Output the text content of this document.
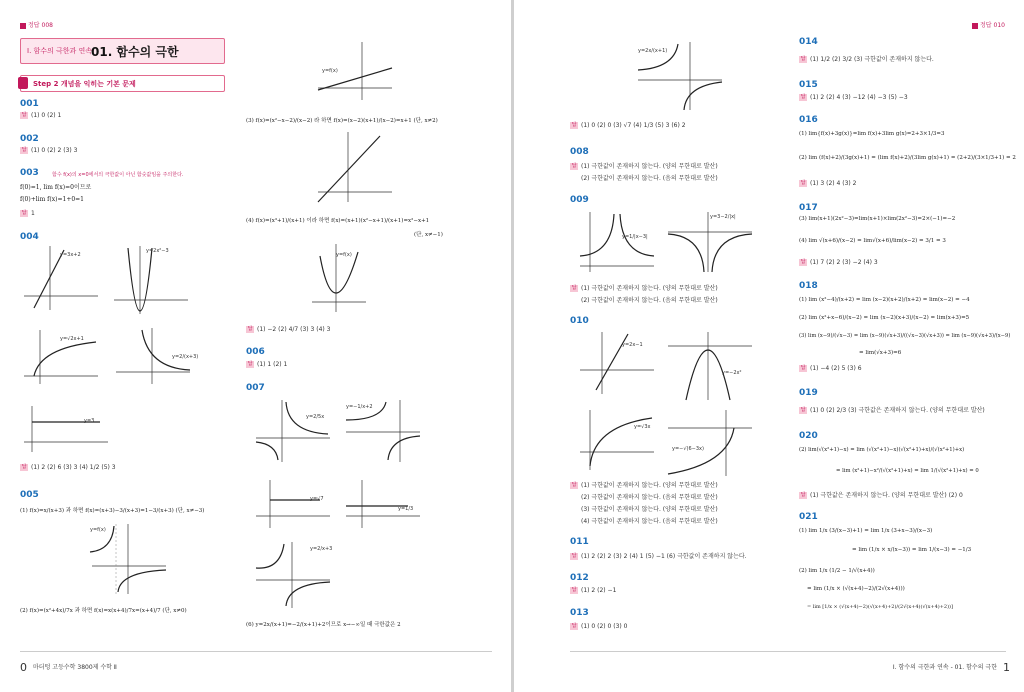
정답 008
Ⅰ. 함수의 극한과 연속
01. 함수의 극한
Step 2 개념을 익히는 기본 문제
001
답 (1) 0 (2) 1
002
답 (1) 0 (2) 2 (3) 3
003	함수 f(x)의 x=0에서의 극한값이 아닌 함숫값임을 주의한다.
f(0)=1, lim f(x)=0이므로
f(0)+lim f(x)=1+0=1
답 1
004
y=3x+2
y=2x²−3
y=√2x+1
y=2/(x+3)
y=3
답 (1) 2 (2) 6 (3) 3 (4) 1/2 (5) 3
005
(1) f(x)=x/(x+3) 과 하면 f(x)=(x+3)−3/(x+3)=1−3/(x+3) (단, x≠−3)
y=f(x)
(2) f(x)=(x²+4x)/7x 과 하면 f(x)=x(x+4)/7x=(x+4)/7 (단, x≠0)
y=f(x)
(3) f(x)=(x²−x−2)/(x−2) 라 하면 f(x)=(x−2)(x+1)/(x−2)=x+1 (단, x≠2)
(4) f(x)=(x³+1)/(x+1) 이라 하면 f(x)=(x+1)(x²−x+1)/(x+1)=x²−x+1
(단, x≠−1)
y=f(x)
답 (1) −2 (2) 4/7 (3) 3 (4) 3
006
답 (1) 1 (2) 1
007
y=2/5x
y=−1/x+2
y=√7
y=1/3
y=2/x+3
(6) y=2x/(x+1)=−2/(x+1)+2이므로 x→−∞일 때 극한값은 2
0 마더텅 고등수학 3800제 수학 Ⅱ
정답 010
y=2x/(x+1)
답 (1) 0 (2) 0 (3) √7 (4) 1/3 (5) 3 (6) 2
008
답 (1) 극한값이 존재하지 않는다. (양의 무한대로 발산)
(2) 극한값이 존재하지 않는다. (음의 무한대로 발산)
009
y=1/|x−3|
y=3−2/|x|
답 (1) 극한값이 존재하지 않는다. (양의 무한대로 발산)
(2) 극한값이 존재하지 않는다. (음의 무한대로 발산)
010
y=2x−1
y=−2x²
y=√3x
y=−√(6−3x)
답 (1) 극한값이 존재하지 않는다. (양의 무한대로 발산)
(2) 극한값이 존재하지 않는다. (음의 무한대로 발산)
(3) 극한값이 존재하지 않는다. (양의 무한대로 발산)
(4) 극한값이 존재하지 않는다. (음의 무한대로 발산)
011
답 (1) 2 (2) 2 (3) 2 (4) 1 (5) −1 (6) 극한값이 존재하지 않는다.
012
답 (1) 2 (2) −1
013
답 (1) 0 (2) 0 (3) 0
014
답 (1) 1/2 (2) 3/2 (3) 극한값이 존재하지 않는다.
015
답 (1) 2 (2) 4 (3) −12 (4) −3 (5) −3
016
(1) lim{f(x)+3g(x)}=lim f(x)+3lim g(x)=2+3×1/3=3
(2) lim (f(x)+2)/(3g(x)+1) = (lim f(x)+2)/(3lim g(x)+1) = (2+2)/(3×1/3+1) = 2
답 (1) 3 (2) 4 (3) 2
017
(3) lim(x+1)(2x²−3)=lim(x+1)×lim(2x²−3)=2×(−1)=−2
(4) lim √(x+6)/(x−2) = lim√(x+6)/lim(x−2) = 3/1 = 3
답 (1) 7 (2) 2 (3) −2 (4) 3
018
(1) lim (x²−4)/(x+2) = lim (x−2)(x+2)/(x+2) = lim(x−2) = −4
(2) lim (x²+x−6)/(x−2) = lim (x−2)(x+3)/(x−2) = lim(x+3)=5
(3) lim (x−9)/(√x−3) = lim (x−9)(√x+3)/((√x−3)(√x+3)) = lim (x−9)(√x+3)/(x−9)
= lim(√x+3)=6
답 (1) −4 (2) 5 (3) 6
019
답 (1) 0 (2) 2/3 (3) 극한값은 존재하지 않는다. (양의 무한대로 발산)
020
(2) lim(√(x²+1)−x) = lim (√(x²+1)−x)(√(x²+1)+x)/(√(x²+1)+x)
= lim (x²+1)−x²/(√(x²+1)+x) = lim 1/(√(x²+1)+x) = 0
답 (1) 극한값은 존재하지 않는다. (양의 무한대로 발산) (2) 0
021
(1) lim 1/x (3/(x−3)+1) = lim 1/x (3+x−3)/(x−3)
= lim (1/x × x/(x−3)) = lim 1/(x−3) = −1/3
(2) lim 1/x (1/2 − 1/√(x+4))
= lim (1/x × (√(x+4)−2)/(2√(x+4)))
= lim [1/x × (√(x+4)−2)(√(x+4)+2)/(2√(x+4)(√(x+4)+2))]
Ⅰ. 함수의 극한과 연속 - 01. 함수의 극한 1
